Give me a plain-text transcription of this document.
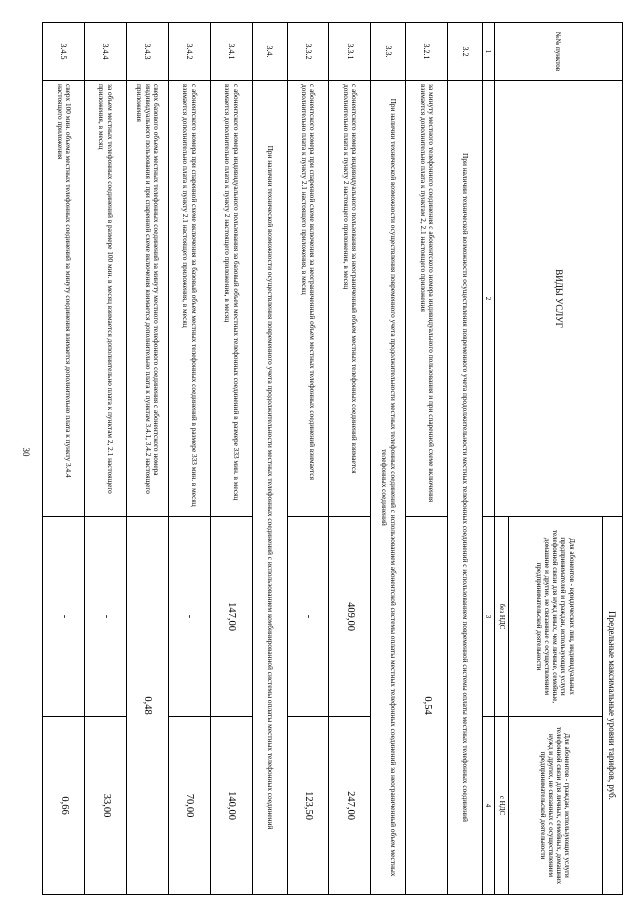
30
№№ пунктов	ВИДЫ УСЛУГ	Предельные максимальные уровни тарифов, руб.	
		Для абонентов - юридических лиц, индивидуальных предпринимателей и граждан, использующих услуги телефонной связи для нужд иных, чем личные, семейные, домашние и другие, не связанные с осуществлением предпринимательской деятельности	Для абонентов - граждан, использующих услуги телефонной связи для личных, семейных, домашних нужд и других, не связанных с осуществлением предпринимательской деятельности
		без НДС	с НДС
1	2	3	4
3.2	При наличии технической возможности осуществления повременного учета продолжительности местных телефонных соединений с использованием повременной системы оплаты местных телефонных соединений		
3.2.1	за минуту местного телефонного соединения с абонентского номера индивидуального пользования и при спаренной схеме включения взимается дополнительно плата к пунктам 2, 2.1 настоящего приложения	0,54	
3.3.	При наличии технической возможности осуществления повременного учета продолжительности местных телефонных соединений с использованием абонентской системы оплаты местных телефонных соединений за неограниченный объем местных телефонных соединений		
3.3.1	с абонентского номера индивидуального пользования за неограниченный объем местных телефонных соединений взимается дополнительно плата к пункту 2 настоящего приложения, в месяц	409,00	247,00
3.3.2	с абонентского номера при спаренной схеме включения за неограниченный объем местных телефонных соединений взимается дополнительно плата к пункту 2.1 настоящего приложения, в месяц	-	123,50
3.4.	При наличии технической возможности осуществления повременного учета продолжительности местных телефонных соединений с использованием комбинированной системы оплаты местных телефонных соединений		
3.4.1	с абонентского номера индивидуального пользования за базовый объем местных телефонных соединений в размере 333 мин. в месяц взимается дополнительно плата к пункту 2 настоящего приложения, в месяц	147,00	140,00
3.4.2	с абонентского номера при спаренной схеме включения за базовый объем местных телефонных соединений в размере 333 мин. в месяц взимается дополнительно плата к пункту 2.1 настоящего приложения, в месяц	-	70,00
3.4.3	сверх базового объема местных телефонных соединений за минуту местного телефонного соединения с абонентского номера индивидуального пользования и при спаренной схеме включения взимается дополнительно плата к пунктам 3.4.1, 3.4.2 настоящего приложения	0,48	
3.4.4	за объем местных телефонных соединений в размере 100 мин. в месяц взимается дополнительно плата к пунктам 2, 2.1 настоящего приложения, в месяц	-	33,00
3.4.5	сверх 100 мин. объема местных телефонных соединений за минуту соединения взимается дополнительно плата к пункту 3.4.4 настоящего приложения	-	0,66
